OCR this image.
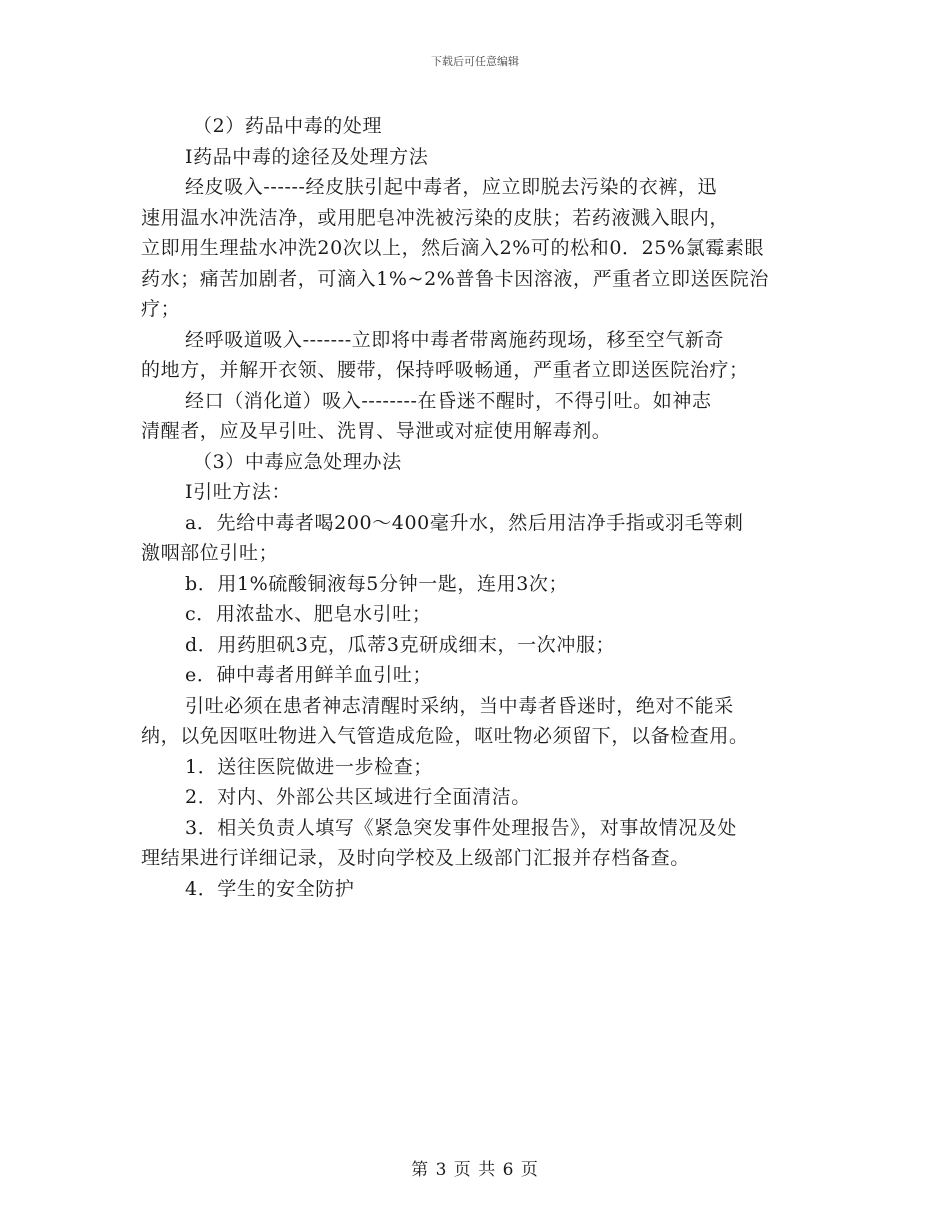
下载后可任意编辑

（2）药品中毒的处理

Ⅰ药品中毒的途径及处理方法

经皮吸入------经皮肤引起中毒者，应立即脱去污染的衣裤，迅

速用温水冲洗洁净，或用肥皂冲洗被污染的皮肤；若药液溅入眼内，

立即用生理盐水冲洗20次以上，然后滴入2%可的松和0．25%氯霉素眼

药水；痛苦加剧者，可滴入1%~2%普鲁卡因溶液，严重者立即送医院治

疗；

经呼吸道吸入-------立即将中毒者带离施药现场，移至空气新奇

的地方，并解开衣领、腰带，保持呼吸畅通，严重者立即送医院治疗；

经口（消化道）吸入--------在昏迷不醒时，不得引吐。如神志

清醒者，应及早引吐、洗胃、导泄或对症使用解毒剂。

（3）中毒应急处理办法

Ⅰ引吐方法：

a．先给中毒者喝200～400毫升水，然后用洁净手指或羽毛等刺

激咽部位引吐；

b．用1%硫酸铜液每5分钟一匙，连用3次；

c．用浓盐水、肥皂水引吐；

d．用药胆矾3克，瓜蒂3克研成细末，一次冲服；

e．砷中毒者用鲜羊血引吐；

引吐必须在患者神志清醒时采纳，当中毒者昏迷时，绝对不能采

纳，以免因呕吐物进入气管造成危险，呕吐物必须留下，以备检查用。

1．送往医院做进一步检查；

2．对内、外部公共区域进行全面清洁。

3．相关负责人填写《紧急突发事件处理报告》，对事故情况及处

理结果进行详细记录，及时向学校及上级部门汇报并存档备查。

4．学生的安全防护

第 3 页 共 6 页
